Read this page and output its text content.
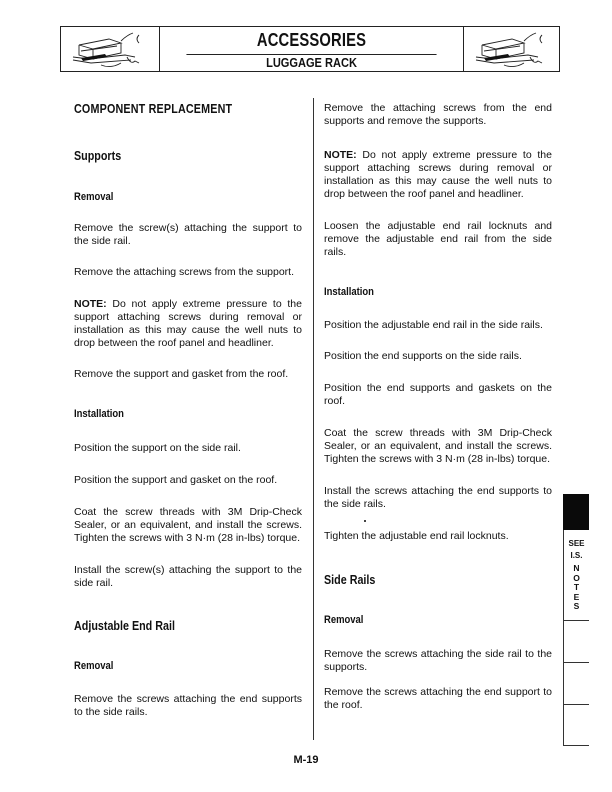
ACCESSORIES
LUGGAGE RACK
COMPONENT REPLACEMENT
Supports
Removal
Remove the screw(s) attaching the support to the side rail.
Remove the attaching screws from the support.
NOTE: Do not apply extreme pressure to the support attaching screws during removal or installation as this may cause the well nuts to drop between the roof panel and headliner.
Remove the support and gasket from the roof.
Installation
Position the support on the side rail.
Position the support and gasket on the roof.
Coat the screw threads with 3M Drip-Check Sealer, or an equivalent, and install the screws. Tighten the screws with 3 N·m (28 in-lbs) torque.
Install the screw(s) attaching the support to the side rail.
Adjustable End Rail
Removal
Remove the screws attaching the end supports to the side rails.
Remove the attaching screws from the end supports and remove the supports.
NOTE: Do not apply extreme pressure to the support attaching screws during removal or installation as this may cause the well nuts to drop between the roof panel and headliner.
Loosen the adjustable end rail locknuts and remove the adjustable end rail from the side rails.
Installation
Position the adjustable end rail in the side rails.
Position the end supports on the side rails.
Position the end supports and gaskets on the roof.
Coat the screw threads with 3M Drip-Check Sealer, or an equivalent, and install the screws. Tighten the screws with 3 N·m (28 in-lbs) torque.
Install the screws attaching the end supports to the side rails.
Tighten the adjustable end rail locknuts.
Side Rails
Removal
Remove the screws attaching the side rail to the supports.
Remove the screws attaching the end support to the roof.
SEE
I.S.
N
O
T
E
S
M-19
